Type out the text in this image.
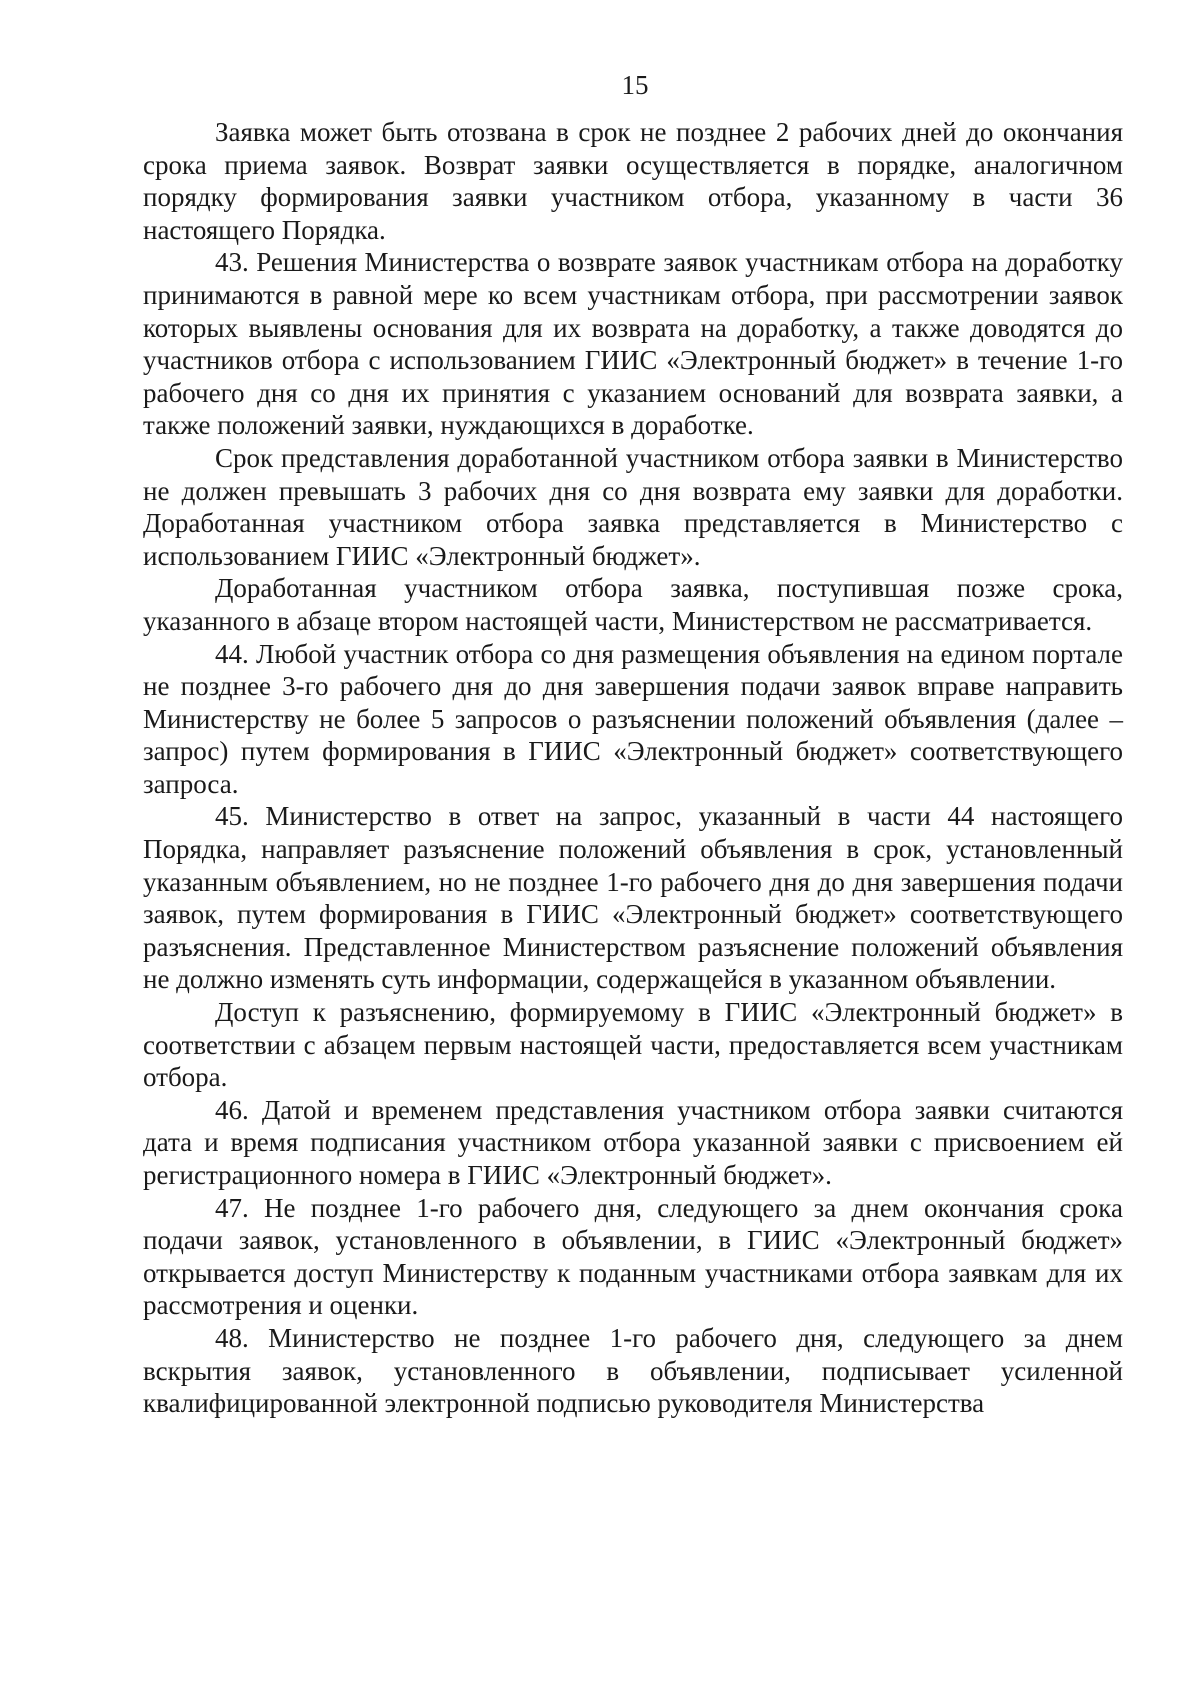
15

Заявка может быть отозвана в срок не позднее 2 рабочих дней до окончания срока приема заявок. Возврат заявки осуществляется в порядке, аналогичном порядку формирования заявки участником отбора, указанному в части 36 настоящего Порядка.

43. Решения Министерства о возврате заявок участникам отбора на доработку принимаются в равной мере ко всем участникам отбора, при рассмотрении заявок которых выявлены основания для их возврата на доработку, а также доводятся до участников отбора с использованием ГИИС «Электронный бюджет» в течение 1-го рабочего дня со дня их принятия с указанием оснований для возврата заявки, а также положений заявки, нуждающихся в доработке.

Срок представления доработанной участником отбора заявки в Министерство не должен превышать 3 рабочих дня со дня возврата ему заявки для доработки. Доработанная участником отбора заявка представляется в Министерство с использованием ГИИС «Электронный бюджет».

Доработанная участником отбора заявка, поступившая позже срока, указанного в абзаце втором настоящей части, Министерством не рассматривается.

44. Любой участник отбора со дня размещения объявления на едином портале не позднее 3-го рабочего дня до дня завершения подачи заявок вправе направить Министерству не более 5 запросов о разъяснении положений объявления (далее – запрос) путем формирования в ГИИС «Электронный бюджет» соответствующего запроса.

45. Министерство в ответ на запрос, указанный в части 44 настоящего Порядка, направляет разъяснение положений объявления в срок, установленный указанным объявлением, но не позднее 1-го рабочего дня до дня завершения подачи заявок, путем формирования в ГИИС «Электронный бюджет» соответствующего разъяснения. Представленное Министерством разъяснение положений объявления не должно изменять суть информации, содержащейся в указанном объявлении.

Доступ к разъяснению, формируемому в ГИИС «Электронный бюджет» в соответствии с абзацем первым настоящей части, предоставляется всем участникам отбора.

46. Датой и временем представления участником отбора заявки считаются дата и время подписания участником отбора указанной заявки с присвоением ей регистрационного номера в ГИИС «Электронный бюджет».

47. Не позднее 1-го рабочего дня, следующего за днем окончания срока подачи заявок, установленного в объявлении, в ГИИС «Электронный бюджет» открывается доступ Министерству к поданным участниками отбора заявкам для их рассмотрения и оценки.

48. Министерство не позднее 1-го рабочего дня, следующего за днем вскрытия заявок, установленного в объявлении, подписывает усиленной квалифицированной электронной подписью руководителя Министерства
